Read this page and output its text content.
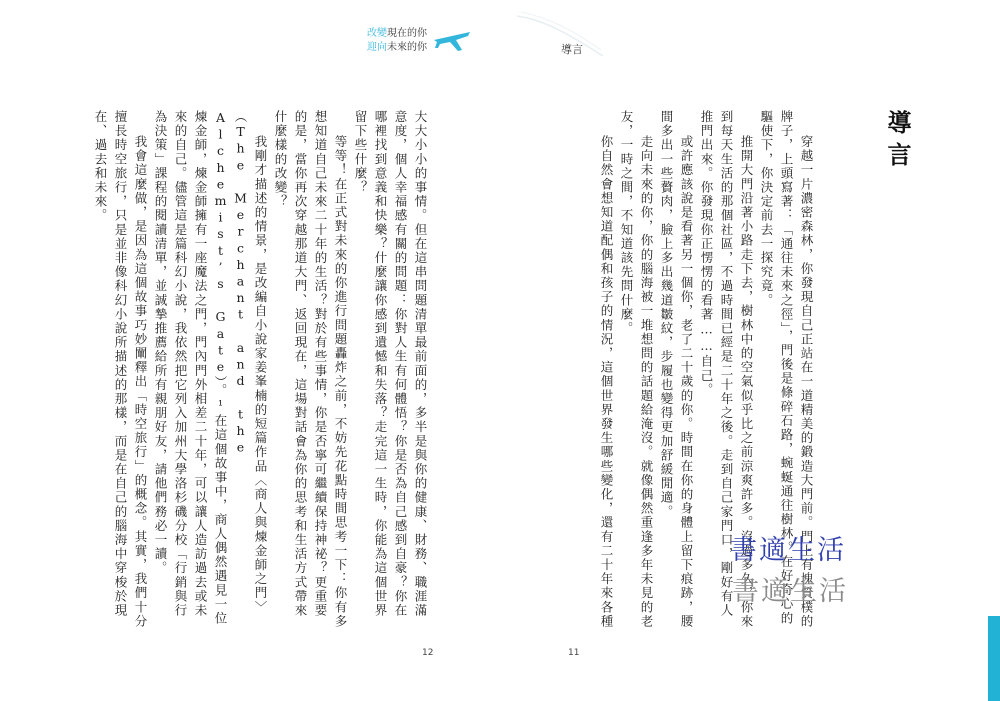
改變現在的你
迎向未來的你	導言
導言

穿越一片濃密森林，你發現自己正站在一道精美的鍛造大門前。門上有塊質樸的牌子，上頭寫著：「通往未來之徑」，門後是條碎石路，蜿蜒通往樹林。在好奇心的驅使下，你決定前去一探究竟。

推開大門沿著小路走下去，樹林中的空氣似乎比之前涼爽許多。沒過多久，你來到每天生活的那個社區，不過時間已經是二十年之後。走到自己家門口，剛好有人推門出來。你發現你正愣愣的看著……自己。

或許應該說是看著另一個你，老了二十歲的你。時間在你的身體上留下痕跡，腰間多出一些贅肉，臉上多出幾道皺紋，步履也變得更加舒緩閒適。

走向未來的你，你的腦海被一堆想問的話題給淹沒。就像偶然重逢多年未見的老友，一時之間，不知道該先問什麼。

你自然會想知道配偶和孩子的情況，這個世界發生哪些變化，還有二十年來各種

大大小小的事情。但在這串問題清單最前面的，多半是與你的健康、財務、職涯滿意度，個人幸福感有關的問題：你對人生有何體悟？你是否為自己感到自豪？你在哪裡找到意義和快樂？什麼讓你感到遺憾和失落？走完這一生時，你能為這個世界留下些什麼？

等等！在正式對未來的你進行問題轟炸之前，不妨先花點時間思考一下：你有多想知道自己未來二十年的生活？對於有些事情，你是否寧可繼續保持神祕？更重要的是，當你再次穿越那道大門、返回現在，這場對話會為你的思考和生活方式帶來什麼樣的改變？

我剛才描述的情景，是改編自小說家姜峯楠的短篇作品〈商人與煉金師之門〉（The Merchant and the Alchemist’s Gate）。¹在這個故事中，商人偶然遇見一位煉金師，煉金師擁有一座魔法之門，門內門外相差二十年，可以讓人造訪過去或未來的自己。儘管這是篇科幻小說，我依然把它列入加州大學洛杉磯分校「行銷與行為決策」課程的閱讀清單，並誠摯推薦給所有親朋好友，請他們務必一讀。

我會這麼做，是因為這個故事巧妙闡釋出「時空旅行」的概念。其實，我們十分擅長時空旅行，只是並非像科幻小說所描述的那樣，而是在自己的腦海中穿梭於現在、過去和未來。

書適生活
書適生活
12	11
